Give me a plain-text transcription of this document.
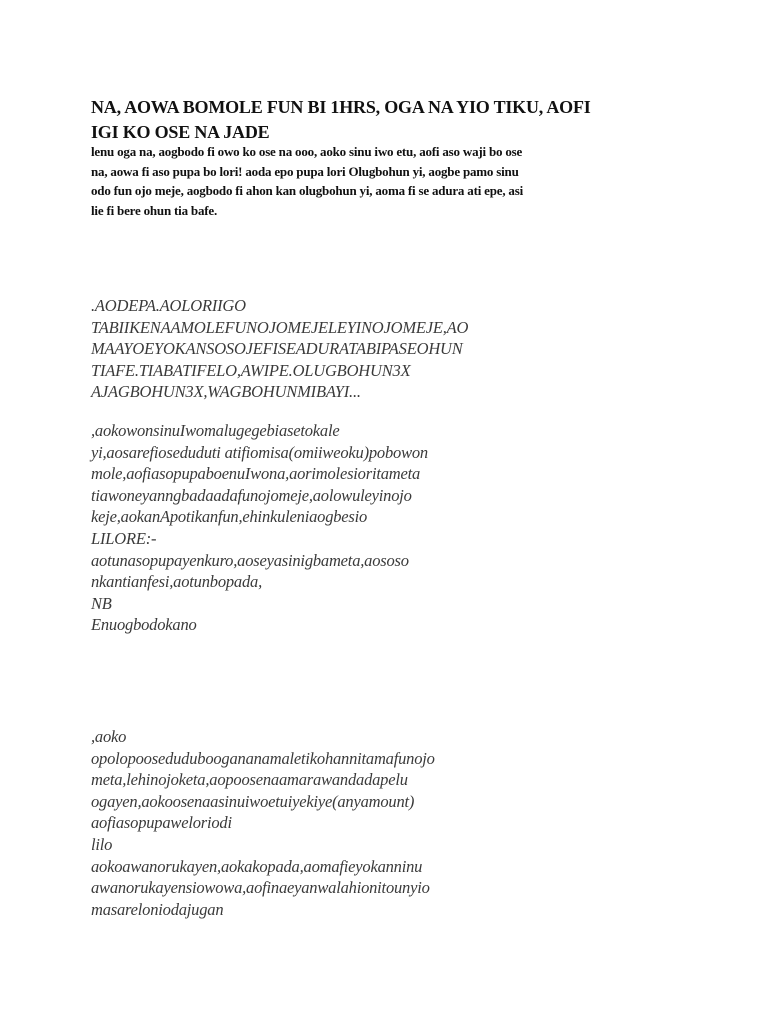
NA, AOWA BOMOLE FUN BI 1HRS, OGA NA YIO TIKU, AOFI
IGI KO OSE NA JADE

lenu oga na, aogbodo fi owo ko ose na ooo, aoko sinu iwo etu, aofi aso waji bo ose
na, aowa fi aso pupa bo lori! aoda epo pupa lori Olugbohun yi, aogbe pamo sinu
odo fun ojo meje, aogbodo fi ahon kan olugbohun yi, aoma fi se adura ati epe, asi
lie fi bere ohun tia bafe.

.AODEPA.AOLORIIGO
TABIIKENAAMOLEFUNOJOMEJELEYINOJOMEJE,AO
MAAYOEYOKANSOSOJEFISEADURATABIPASEOHUN
TIAFE.TIABATIFELO,AWIPE.OLUGBOHUN3X
AJAGBOHUN3X,WAGBOHUNMIBAYI...
,aokowonsinuIwomalugegebiasetokale
yi,aosarefioseduduti atifiomisa(omiiweoku)pobowon
mole,aofiasopupaboenuIwona,aorimolesioritameta
tiawoneyanngbadaadafunojomeje,aolowuleyinojo
keje,aokanApotikanfun,ehinkuleniaogbesio
LILORE:-
aotunasopupayenkuro,aoseyasinigbameta,aososo
nkantianfesi,aotunbopada,
NB
Enuogbodokano
,aoko
opolopooseduduboogananamaletikohannitamafunojo
meta,lehinojoketa,aopoosenaamarawandadapelu
ogayen,aokoosenaasinuiwoetuiyekiye(anyamount)
aofiasopupaweloriodi
lilo
aokoawanorukayen,aokakopada,aomafieyokanninu
awanorukayensiowowa,aofinaeyanwalahionitounyio
masareloniodajugan
